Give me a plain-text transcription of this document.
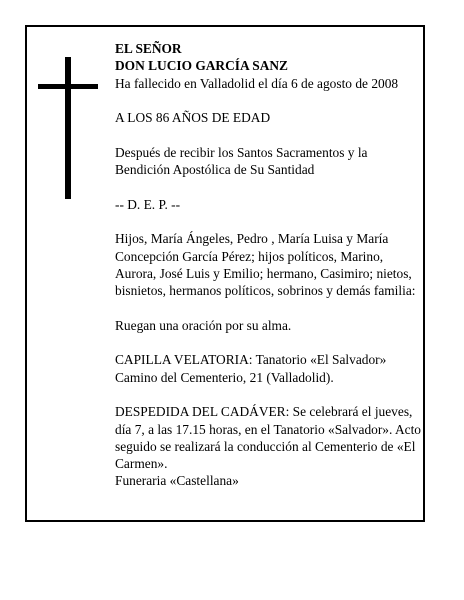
EL SEÑOR

DON LUCIO GARCÍA SANZ

Ha fallecido en Valladolid el día 6 de agosto de 2008

A LOS 86 AÑOS DE EDAD

Después de recibir los Santos Sacramentos y la

Bendición Apostólica de Su Santidad

-- D. E. P. --

Hijos, María Ángeles, Pedro , María Luisa y María

Concepción García Pérez; hijos políticos, Marino,

Aurora, José Luis y Emilio; hermano, Casimiro; nietos,

bisnietos, hermanos políticos, sobrinos y demás familia:

Ruegan una oración por su alma.

CAPILLA VELATORIA: Tanatorio «El Salvador»

Camino del Cementerio, 21 (Valladolid).

DESPEDIDA DEL CADÁVER: Se celebrará el jueves,

día 7, a las 17.15 horas, en el Tanatorio «Salvador». Acto

seguido se realizará la conducción al Cementerio de «El

Carmen».

Funeraria «Castellana»
